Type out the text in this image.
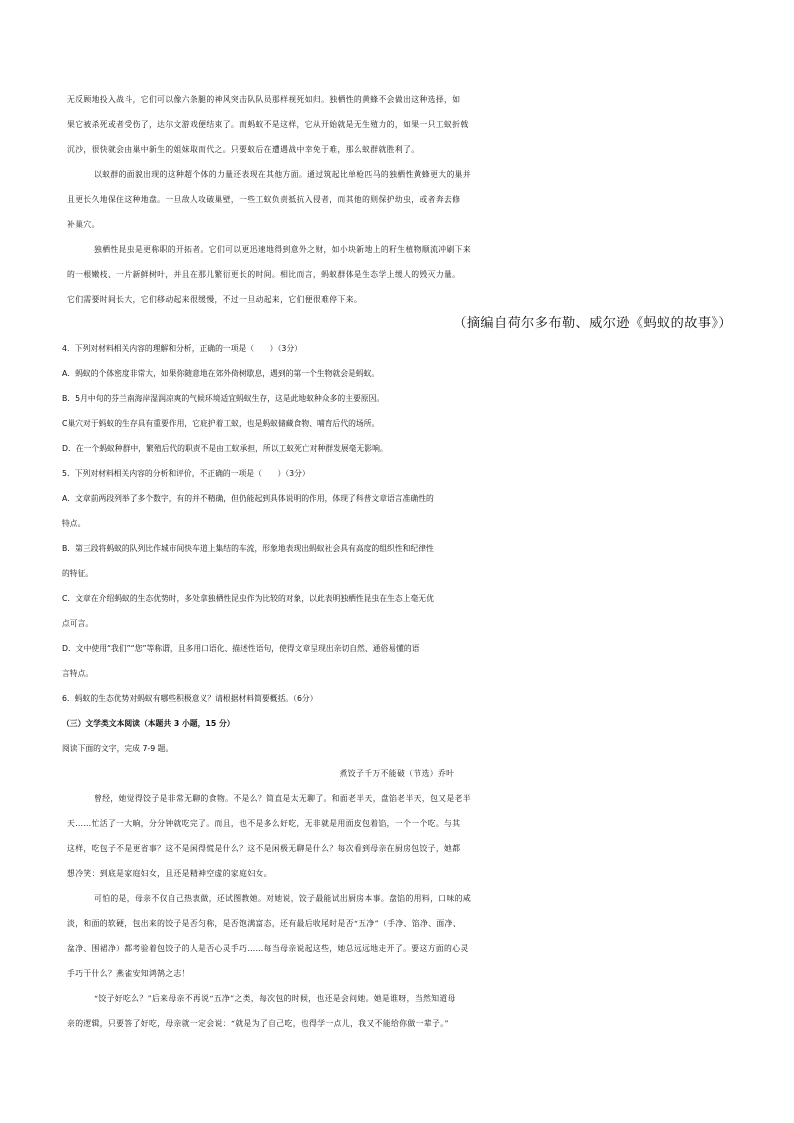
无反顾地投入战斗，它们可以像六条腿的神风突击队队员那样视死如归。独栖性的黄蜂不会做出这种选择，如
果它被杀死或者受伤了，达尔文游戏便结束了。而蚂蚁不是这样，它从开始就是无生殖力的，如果一只工蚁折戟
沉沙，很快就会由巢中新生的姐妹取而代之。只要蚁后在遭遇战中幸免于难，那么蚁群就胜利了。
以蚁群的面貌出现的这种超个体的力量还表现在其他方面。通过筑起比单枪匹马的独栖性黄蜂更大的巢并
且更长久地保住这种地盘。一旦敌人攻破巢壁，一些工蚁负责抵抗入侵者，而其他的则保护幼虫，或者奔去修
补巢穴。
独栖性昆虫是更称职的开拓者。它们可以更迅速地得到意外之财，如小块新地上的籽生植物顺流冲刷下来
的一根嫩枝、一片新鲜树叶，并且在那儿繁衍更长的时间。相比而言，蚂蚁群体是生态学上缓人的毁灭力量。
它们需要时间长大，它们移动起来很缓慢，不过一旦动起来，它们便很难停下来。
（摘编自荷尔多布勒、威尔逊《蚂蚁的故事》）
4．下列对材料相关内容的理解和分析，正确的一项是（　　）（3分）
A．蚂蚁的个体密度非常大，如果你随意地在郊外倚树歇息，遇到的第一个生物就会是蚂蚁。
B．5月中旬的芬兰南海岸湿润凉爽的气候环境适宜蚂蚁生存，这是此地蚁种众多的主要原因。
C巢穴对于蚂蚁的生存具有重要作用，它庇护着工蚁，也是蚂蚁储藏食物、哺育后代的场所。
D．在一个蚂蚁种群中，繁殖后代的职责不是由工蚁承担，所以工蚁死亡对种群发展毫无影响。
5．下列对材料相关内容的分析和评价，不正确的一项是（　　）（3分）
A．文章前两段列举了多个数字，有的并不精确，但仍能起到具体说明的作用，体现了科普文章语言准确性的
特点。
B．第三段将蚂蚁的队列比作城市间快车道上集结的车流，形象地表现出蚂蚁社会具有高度的组织性和纪律性
的特征。
C．文章在介绍蚂蚁的生态优势时，多处拿独栖性昆虫作为比较的对象，以此表明独栖性昆虫在生态上毫无优
点可言。
D．文中使用“我们”“您”等称谓，且多用口语化、描述性语句，使得文章呈现出亲切自然、通俗易懂的语
言特点。
6．蚂蚁的生态优势对蚂蚁有哪些积极意义？请根据材料简要概括。（6分）
（三）文学类文本阅读（本题共 3 小题，15 分）
阅读下面的文字，完成 7-9 题。
煮饺子千万不能破（节选）乔叶
曾经，她觉得饺子是非常无聊的食物。不是么？简直是太无聊了。和面老半天，盘馅老半天，包又是老半
天……忙活了一大晌，分分钟就吃完了。而且，也不是多么好吃，无非就是用面皮包着馅，一个一个吃。与其
这样，吃包子不是更省事？这不是闲得慌是什么？这不是闲极无聊是什么？每次看到母亲在厨房包饺子，她都
想冷笑：到底是家庭妇女，且还是精神空虚的家庭妇女。
可怕的是，母亲不仅自己热衷做，还试图教她。对她说，饺子最能试出厨房本事。盘馅的用料，口味的咸
淡，和面的软硬，包出来的饺子是否匀称，是否饱满富态，还有最后收尾时是否“五净”（手净、馅净、面净、
盆净、围裙净）都考验着包饺子的人是否心灵手巧……每当母亲说起这些，她总远远地走开了。要这方面的心灵
手巧干什么？燕雀安知鸿鹄之志！
“饺子好吃么？”后来母亲不再说“五净”之类，每次包的时候，也还是会问她。她是谁呀，当然知道母
亲的逻辑，只要答了好吃，母亲就一定会说：“就是为了自己吃，也得学一点儿，我又不能给你做一辈子。”
